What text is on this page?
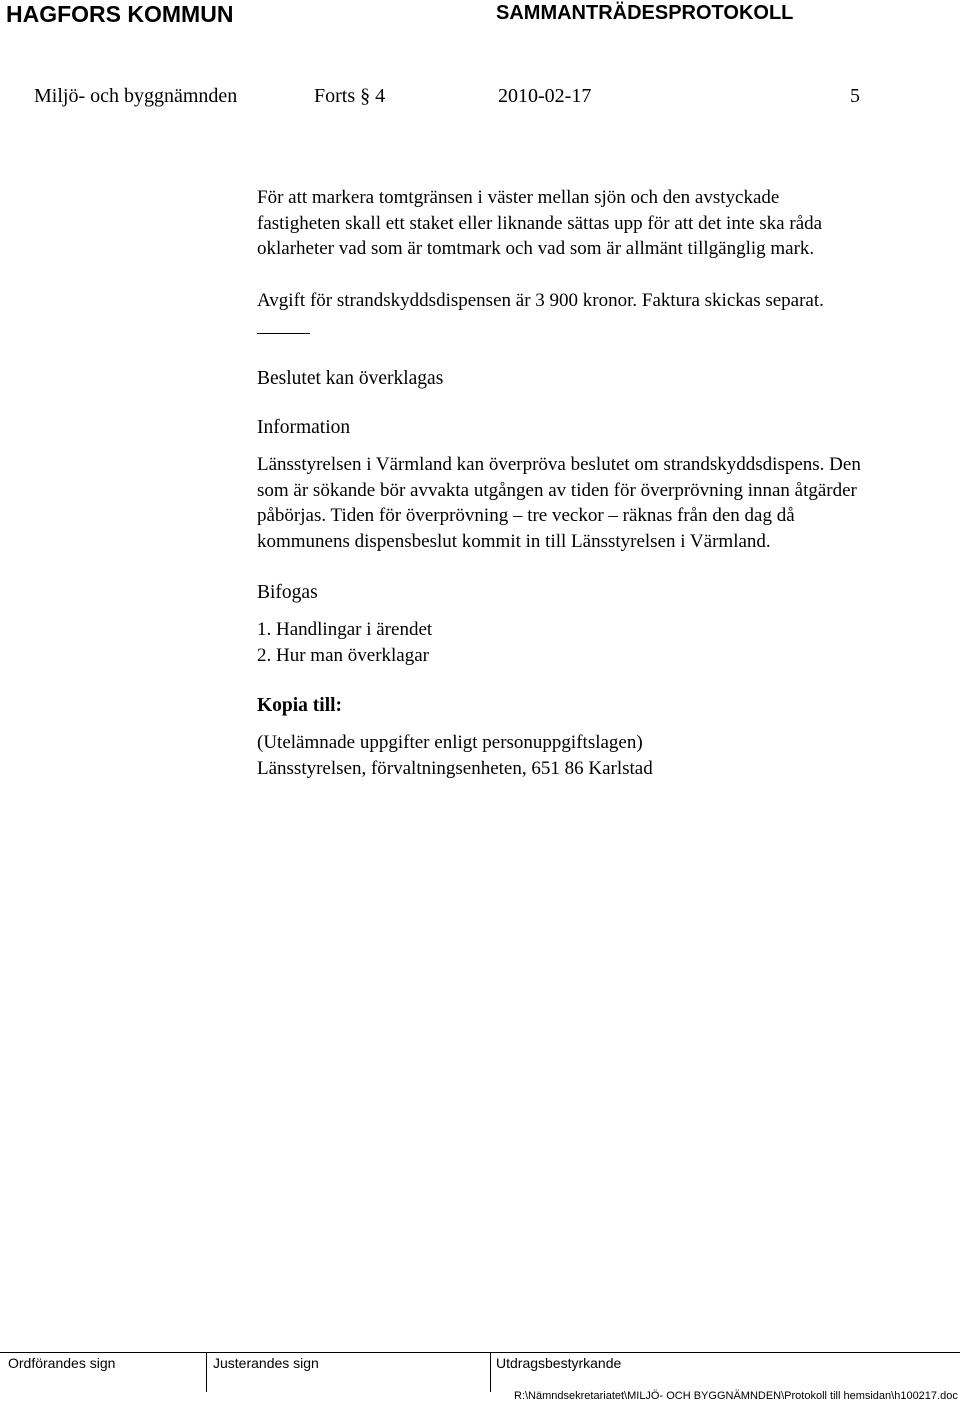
HAGFORS KOMMUN	SAMMANTRÄDESPROTOKOLL
Miljö- och byggnämnden	Forts § 4	2010-02-17	5
För att markera tomtgränsen i väster mellan sjön och den avstyckade
fastigheten skall ett staket eller liknande sättas upp för att det inte ska råda
oklarheter vad som är tomtmark och vad som är allmänt tillgänglig mark.
Avgift för strandskyddsdispensen är 3 900 kronor. Faktura skickas separat.
Beslutet kan överklagas
Information
Länsstyrelsen i Värmland kan överpröva beslutet om strandskyddsdispens. Den
som är sökande bör avvakta utgången av tiden för överprövning innan åtgärder
påbörjas. Tiden för överprövning – tre veckor – räknas från den dag då
kommunens dispensbeslut kommit in till Länsstyrelsen i Värmland.
Bifogas
1. Handlingar i ärendet
2. Hur man överklagar
Kopia till:
(Utelämnade uppgifter enligt personuppgiftslagen)
Länsstyrelsen, förvaltningsenheten, 651 86 Karlstad
Ordförandes sign	Justerandes sign	Utdragsbestyrkande
R:\Nämndsekretariatet\MILJÖ- OCH BYGGNÄMNDEN\Protokoll till hemsidan\h100217.doc
